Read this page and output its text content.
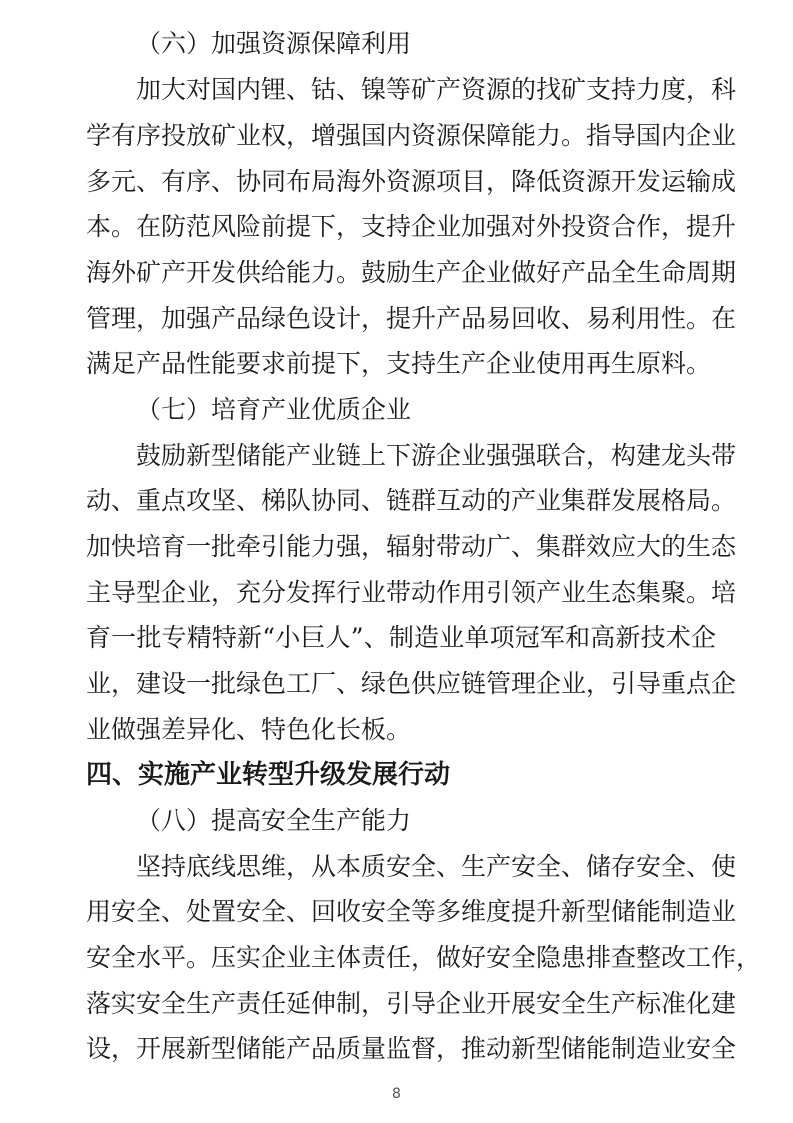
（六）加强资源保障利用
加大对国内锂、钴、镍等矿产资源的找矿支持力度，科
学有序投放矿业权，增强国内资源保障能力。指导国内企业
多元、有序、协同布局海外资源项目，降低资源开发运输成
本。在防范风险前提下，支持企业加强对外投资合作，提升
海外矿产开发供给能力。鼓励生产企业做好产品全生命周期
管理，加强产品绿色设计，提升产品易回收、易利用性。在
满足产品性能要求前提下，支持生产企业使用再生原料。
（七）培育产业优质企业
鼓励新型储能产业链上下游企业强强联合，构建龙头带
动、重点攻坚、梯队协同、链群互动的产业集群发展格局。
加快培育一批牵引能力强，辐射带动广、集群效应大的生态
主导型企业，充分发挥行业带动作用引领产业生态集聚。培
育一批专精特新“小巨人”、制造业单项冠军和高新技术企
业，建设一批绿色工厂、绿色供应链管理企业，引导重点企
业做强差异化、特色化长板。
四、实施产业转型升级发展行动
（八）提高安全生产能力
坚持底线思维，从本质安全、生产安全、储存安全、使
用安全、处置安全、回收安全等多维度提升新型储能制造业
安全水平。压实企业主体责任，做好安全隐患排查整改工作，
落实安全生产责任延伸制，引导企业开展安全生产标准化建
设，开展新型储能产品质量监督，推动新型储能制造业安全
8
